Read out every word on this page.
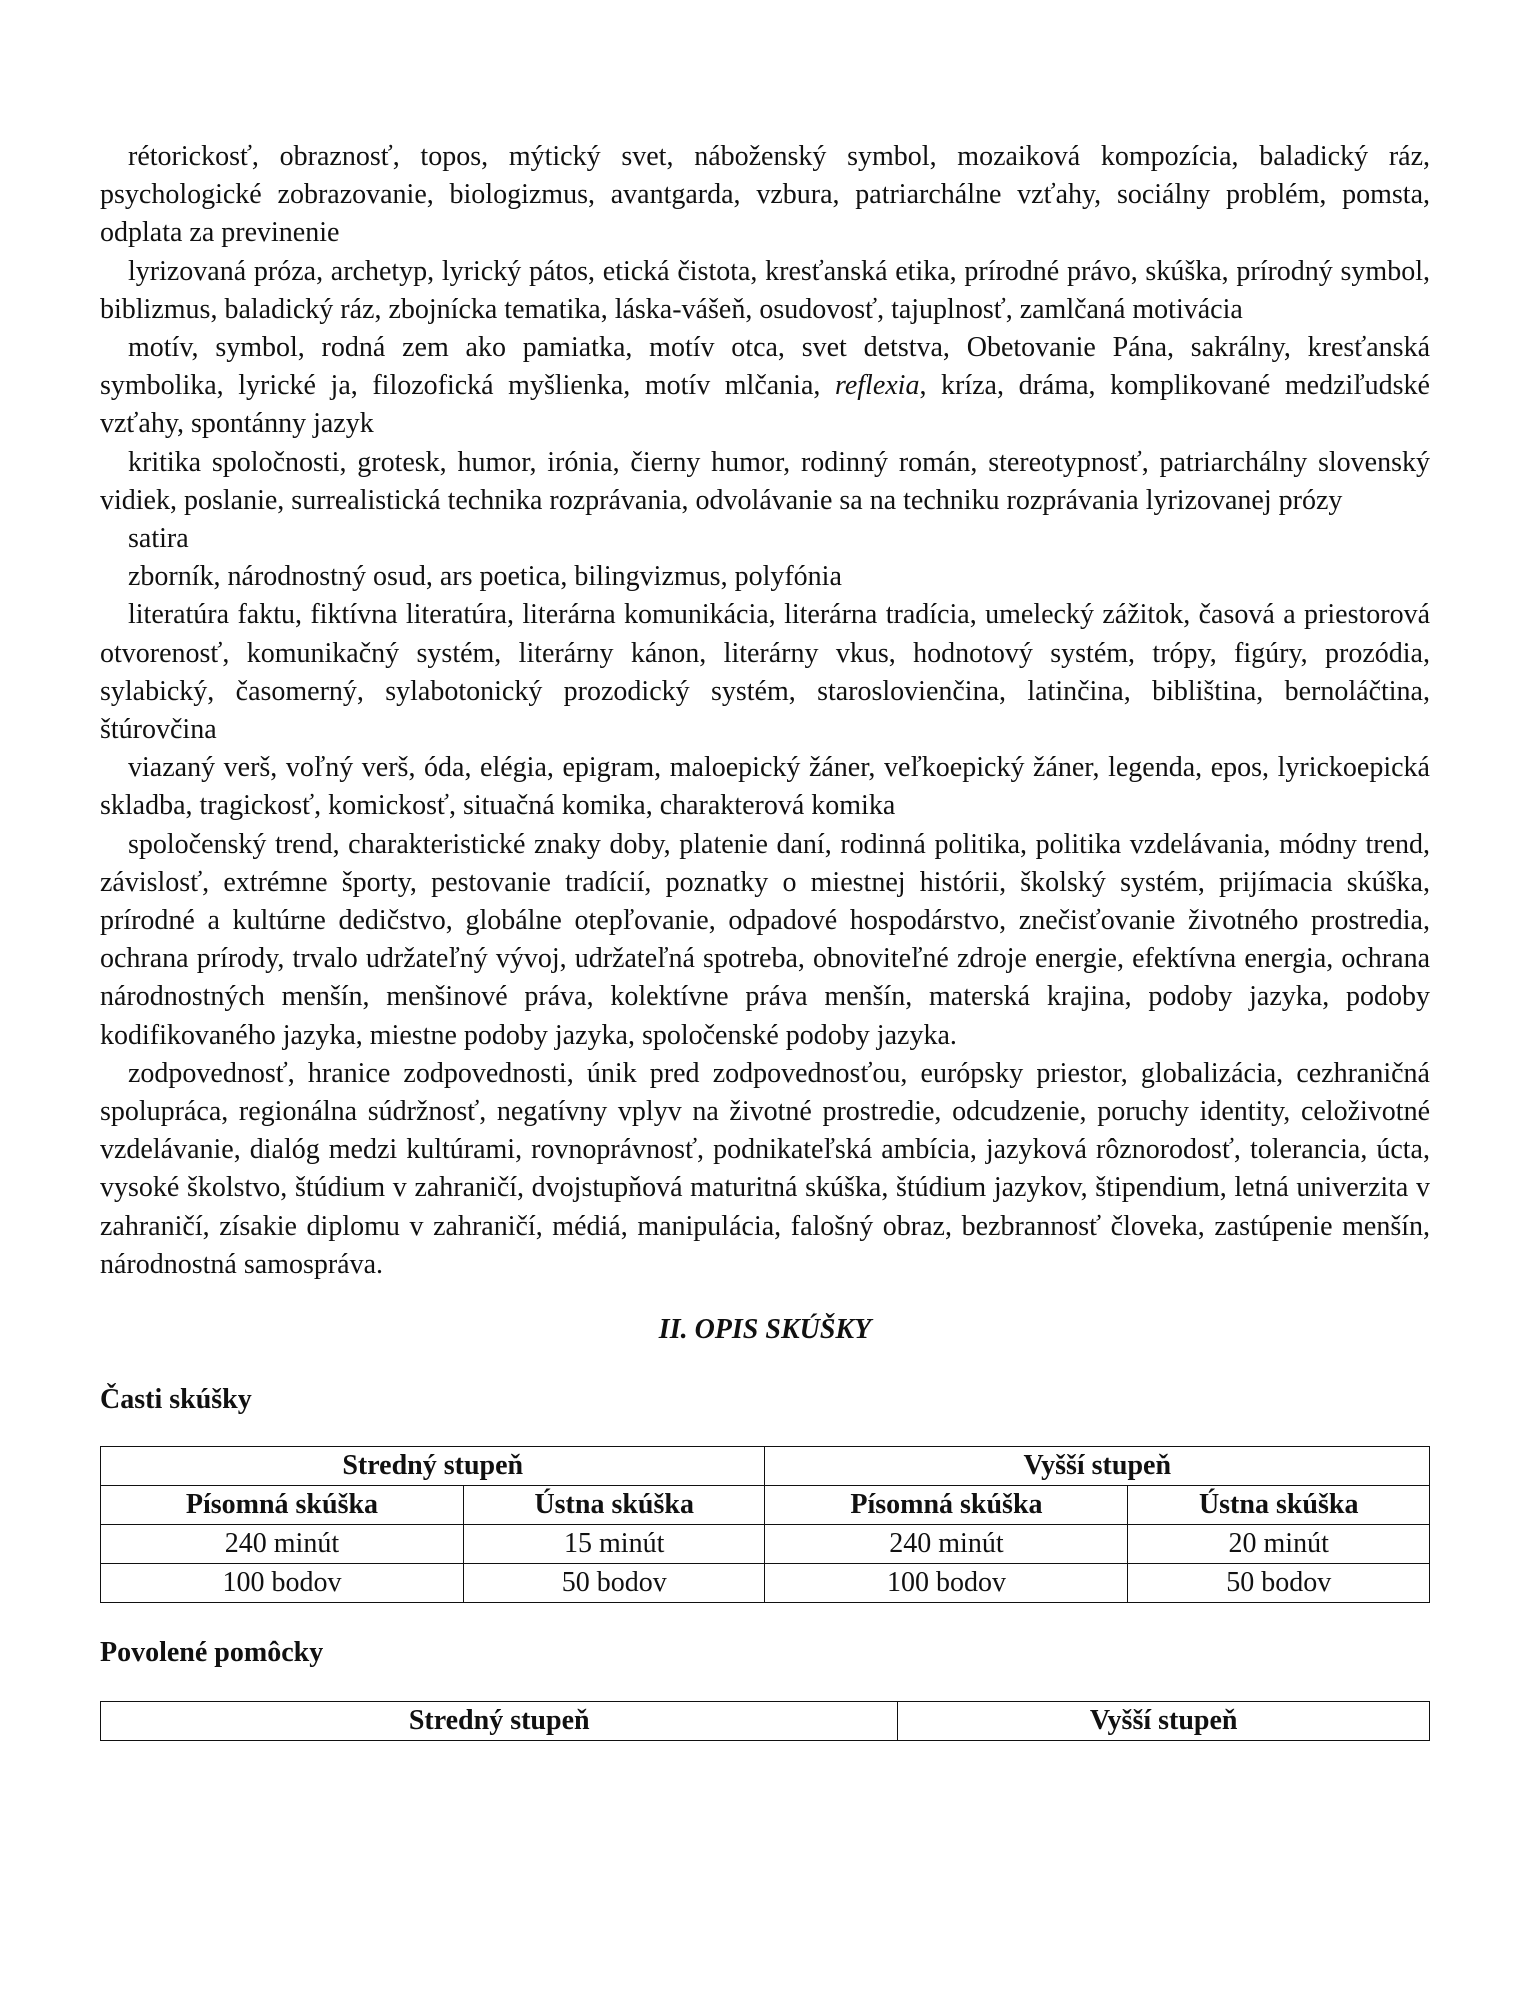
rétorickosť, obraznosť, topos, mýtický svet, náboženský symbol, mozaiková kompozícia, baladický ráz, psychologické zobrazovanie, biologizmus, avantgarda, vzbura, patriarchálne vzťahy, sociálny problém, pomsta, odplata za previnenie

lyrizovaná próza, archetyp, lyrický pátos, etická čistota, kresťanská etika, prírodné právo, skúška, prírodný symbol, biblizmus, baladický ráz, zbojnícka tematika, láska-vášeň, osudovosť, tajuplnosť, zamlčaná motivácia

motív, symbol, rodná zem ako pamiatka, motív otca, svet detstva, Obetovanie Pána, sakrálny, kresťanská symbolika, lyrické ja, filozofická myšlienka, motív mlčania, reflexia, kríza, dráma, komplikované medziľudské vzťahy, spontánny jazyk

kritika spoločnosti, grotesk, humor, irónia, čierny humor, rodinný román, stereotypnosť, patriarchálny slovenský vidiek, poslanie, surrealistická technika rozprávania, odvolávanie sa na techniku rozprávania lyrizovanej prózy

satira

zborník, národnostný osud, ars poetica, bilingvizmus, polyfónia

literatúra faktu, fiktívna literatúra, literárna komunikácia, literárna tradícia, umelecký zážitok, časová a priestorová otvorenosť, komunikačný systém, literárny kánon, literárny vkus, hodnotový systém, trópy, figúry, prozódia, sylabický, časomerný, sylabotonický prozodický systém, staroslovienčina, latinčina, bibliština, bernoláčtina, štúrovčina

viazaný verš, voľný verš, óda, elégia, epigram, maloepický žáner, veľkoepický žáner, legenda, epos, lyrickoepická skladba, tragickosť, komickosť, situačná komika, charakterová komika

spoločenský trend, charakteristické znaky doby, platenie daní, rodinná politika, politika vzdelávania, módny trend, závislosť, extrémne športy, pestovanie tradícií, poznatky o miestnej histórii, školský systém, prijímacia skúška, prírodné a kultúrne dedičstvo, globálne otepľovanie, odpadové hospodárstvo, znečisťovanie životného prostredia, ochrana prírody, trvalo udržateľný vývoj, udržateľná spotreba, obnoviteľné zdroje energie, efektívna energia, ochrana národnostných menšín, menšinové práva, kolektívne práva menšín, materská krajina, podoby jazyka, podoby kodifikovaného jazyka, miestne podoby jazyka, spoločenské podoby jazyka.

zodpovednosť, hranice zodpovednosti, únik pred zodpovednosťou, európsky priestor, globalizácia, cezhraničná spolupráca, regionálna súdržnosť, negatívny vplyv na životné prostredie, odcudzenie, poruchy identity, celoživotné vzdelávanie, dialóg medzi kultúrami, rovnoprávnosť, podnikateľská ambícia, jazyková rôznorodosť, tolerancia, úcta, vysoké školstvo, štúdium v zahraničí, dvojstupňová maturitná skúška, štúdium jazykov, štipendium, letná univerzita v zahraničí, zísakie diplomu v zahraničí, médiá, manipulácia, falošný obraz, bezbrannosť človeka, zastúpenie menšín, národnostná samospráva.

II. OPIS SKÚŠKY
Časti skúšky
Stredný stupeň		Vyšší stupeň	
Písomná skúška	Ústna skúška	Písomná skúška	Ústna skúška
240 minút	15 minút	240 minút	20 minút
100 bodov	50 bodov	100 bodov	50 bodov
Povolené pomôcky
Stredný stupeň	Vyšší stupeň
